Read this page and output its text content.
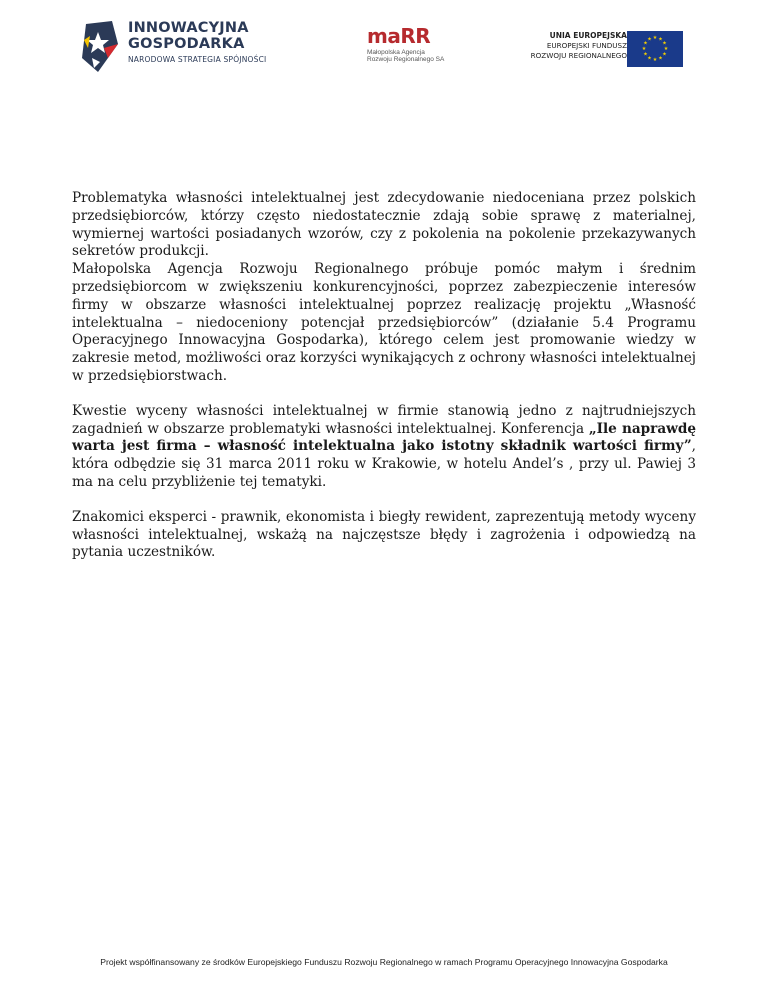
INNOWACYJNA
GOSPODARKA
NARODOWA STRATEGIA SPÓJNOŚCI
maRR
Małopolska Agencja
Rozwoju Regionalnego SA
UNIA EUROPEJSKA
EUROPEJSKI FUNDUSZ
ROZWOJU REGIONALNEGO
★ ★
★
★
★
★
★
★
★
★
★
★

Problematyka własności intelektualnej jest zdecydowanie niedoceniana przez polskich przedsiębiorców, którzy często niedostatecznie zdają sobie sprawę z materialnej, wymiernej wartości posiadanych wzorów, czy z pokolenia na pokolenie przekazywanych sekretów produkcji.
Małopolska Agencja Rozwoju Regionalnego próbuje pomóc małym i średnim przedsiębiorcom w zwiększeniu konkurencyjności, poprzez zabezpieczenie interesów firmy w obszarze własności intelektualnej poprzez realizację projektu „Własność intelektualna – niedoceniony potencjał przedsiębiorców” (działanie 5.4 Programu Operacyjnego Innowacyjna Gospodarka), którego celem jest promowanie wiedzy w zakresie metod, możliwości oraz korzyści wynikających z ochrony własności intelektualnej w przedsiębiorstwach.

Kwestie wyceny własności intelektualnej w firmie stanowią jedno z najtrudniejszych zagadnień w obszarze problematyki własności intelektualnej. Konferencja „Ile naprawdę warta jest firma – własność intelektualna jako istotny składnik wartości firmy”, która odbędzie się 31 marca 2011 roku w Krakowie, w hotelu Andel’s , przy ul. Pawiej 3 ma na celu przybliżenie tej tematyki.

Znakomici eksperci - prawnik, ekonomista i biegły rewident, zaprezentują metody wyceny własności intelektualnej, wskażą na najczęstsze błędy i zagrożenia i odpowiedzą na pytania uczestników.

Projekt współfinansowany ze środków Europejskiego Funduszu Rozwoju Regionalnego w ramach Programu Operacyjnego Innowacyjna Gospodarka
